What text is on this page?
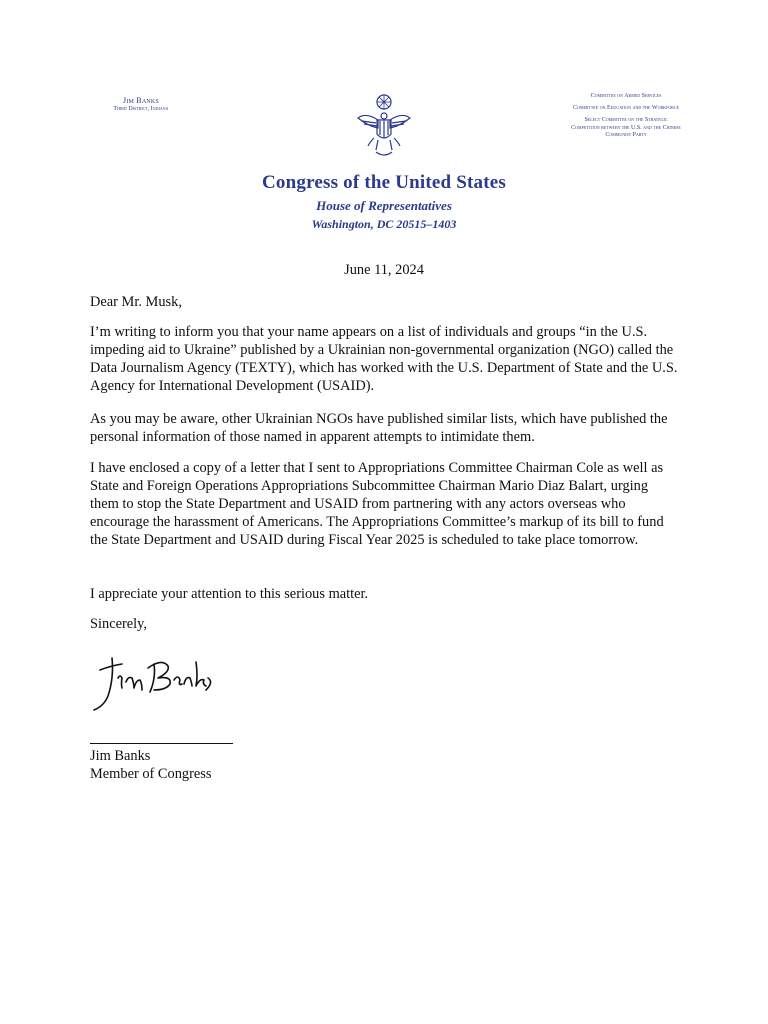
Jim Banks
Third District, Indiana
Committee on Armed Services
Committee on Education and the Workforce
Select Committee on the Strategic Competition between the U.S. and the Chinese Communist Party
Congress of the United States
House of Representatives
Washington, DC 20515–1403
June 11, 2024
Dear Mr. Musk,

I’m writing to inform you that your name appears on a list of individuals and groups “in the U.S. impeding aid to Ukraine” published by a Ukrainian non-governmental organization (NGO) called the Data Journalism Agency (TEXTY), which has worked with the U.S. Department of State and the U.S. Agency for International Development (USAID).

As you may be aware, other Ukrainian NGOs have published similar lists, which have published the personal information of those named in apparent attempts to intimidate them.

I have enclosed a copy of a letter that I sent to Appropriations Committee Chairman Cole as well as State and Foreign Operations Appropriations Subcommittee Chairman Mario Diaz Balart, urging them to stop the State Department and USAID from partnering with any actors overseas who encourage the harassment of Americans. The Appropriations Committee’s markup of its bill to fund the State Department and USAID during Fiscal Year 2025 is scheduled to take place tomorrow.

I appreciate your attention to this serious matter.

Sincerely,
Jim Banks
Member of Congress
